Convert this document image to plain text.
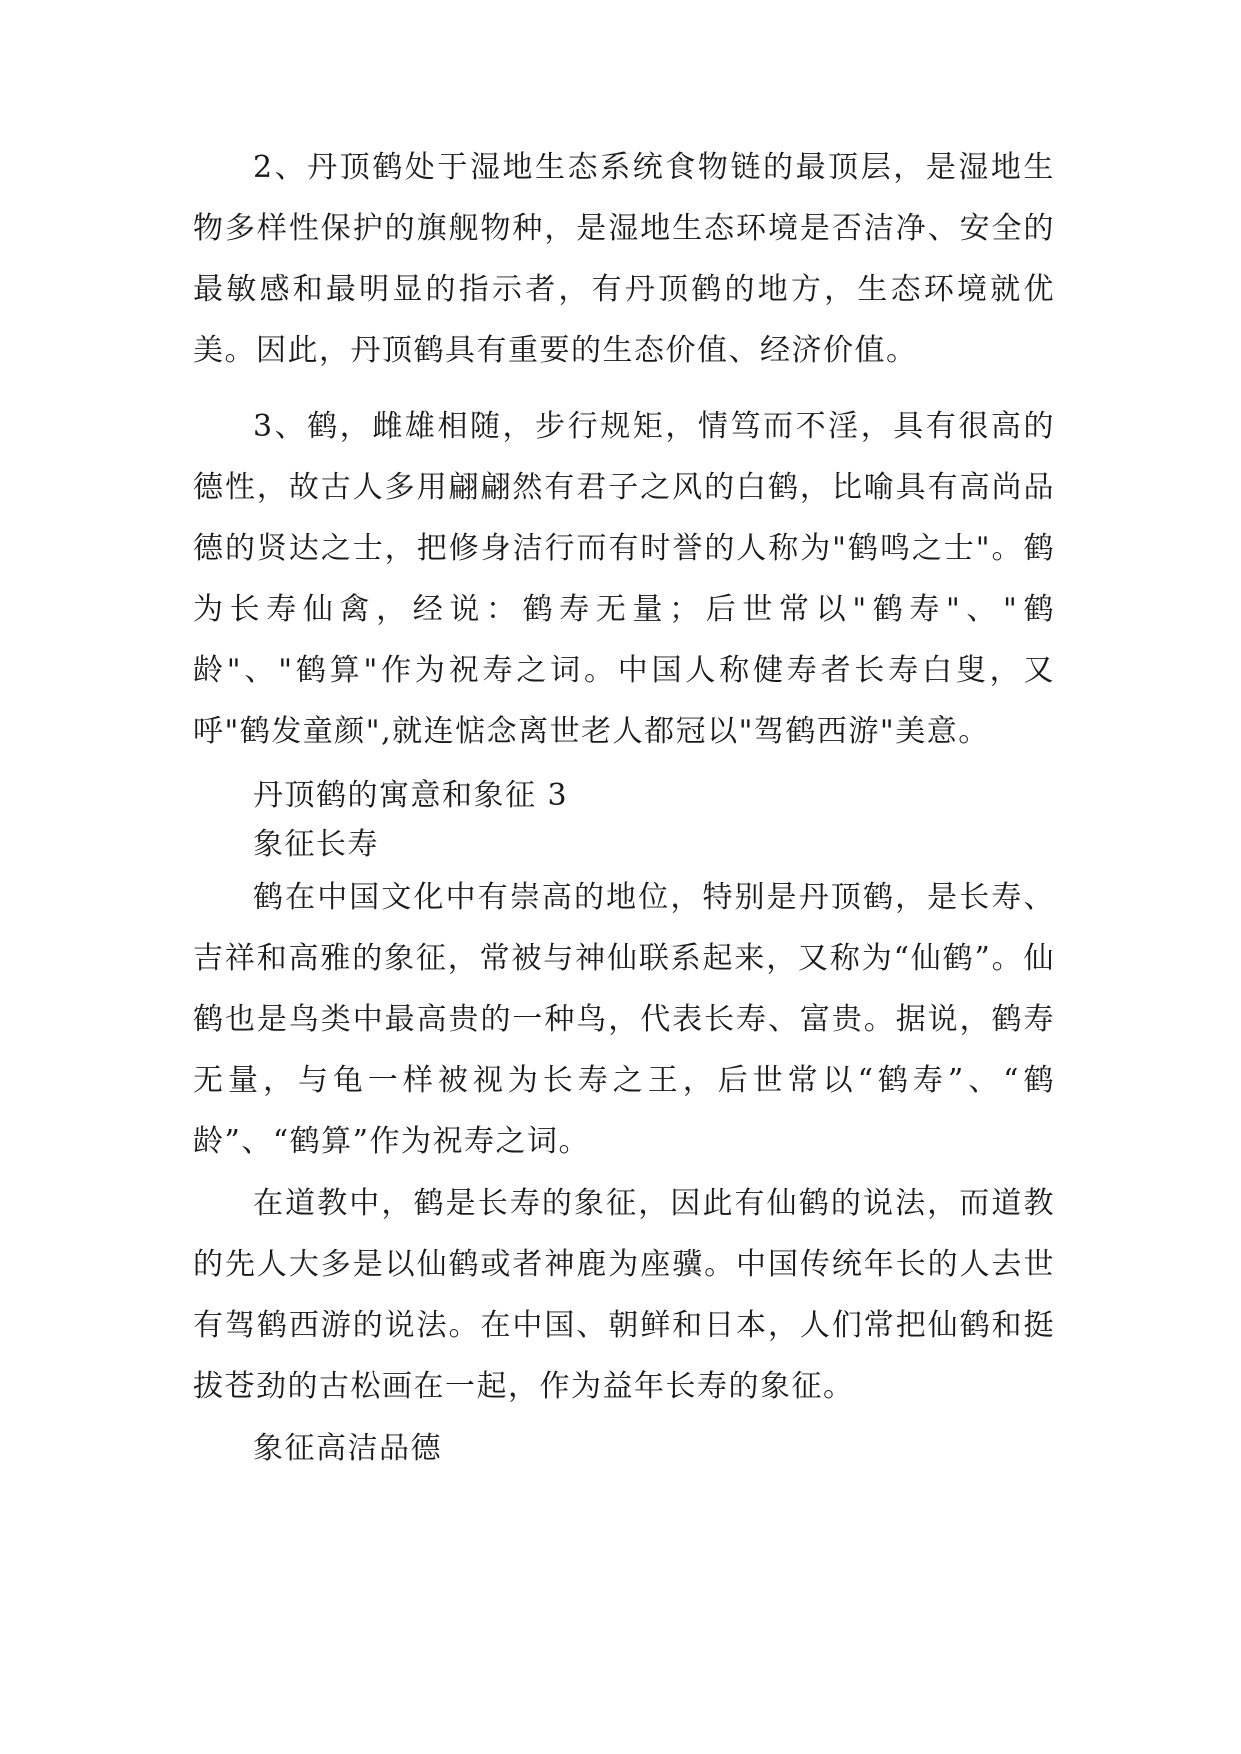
2、丹顶鹤处于湿地生态系统食物链的最顶层，是湿地生物多样性保护的旗舰物种，是湿地生态环境是否洁净、安全的最敏感和最明显的指示者，有丹顶鹤的地方，生态环境就优美。因此，丹顶鹤具有重要的生态价值、经济价值。

3、鹤，雌雄相随，步行规矩，情笃而不淫，具有很高的德性，故古人多用翩翩然有君子之风的白鹤，比喻具有高尚品德的贤达之士，把修身洁行而有时誉的人称为"鹤鸣之士"。鹤为长寿仙禽，经说：鹤寿无量；后世常以"鹤寿"、"鹤龄"、"鹤算"作为祝寿之词。中国人称健寿者长寿白叟，又呼"鹤发童颜",就连惦念离世老人都冠以"驾鹤西游"美意。

丹顶鹤的寓意和象征 3

象征长寿

鹤在中国文化中有崇高的地位，特别是丹顶鹤，是长寿、吉祥和高雅的象征，常被与神仙联系起来，又称为“仙鹤”。仙鹤也是鸟类中最高贵的一种鸟，代表长寿、富贵。据说，鹤寿无量，与龟一样被视为长寿之王，后世常以“鹤寿”、“鹤龄”、“鹤算”作为祝寿之词。

在道教中，鹤是长寿的象征，因此有仙鹤的说法，而道教的先人大多是以仙鹤或者神鹿为座骥。中国传统年长的人去世有驾鹤西游的说法。在中国、朝鲜和日本，人们常把仙鹤和挺拔苍劲的古松画在一起，作为益年长寿的象征。

象征高洁品德
